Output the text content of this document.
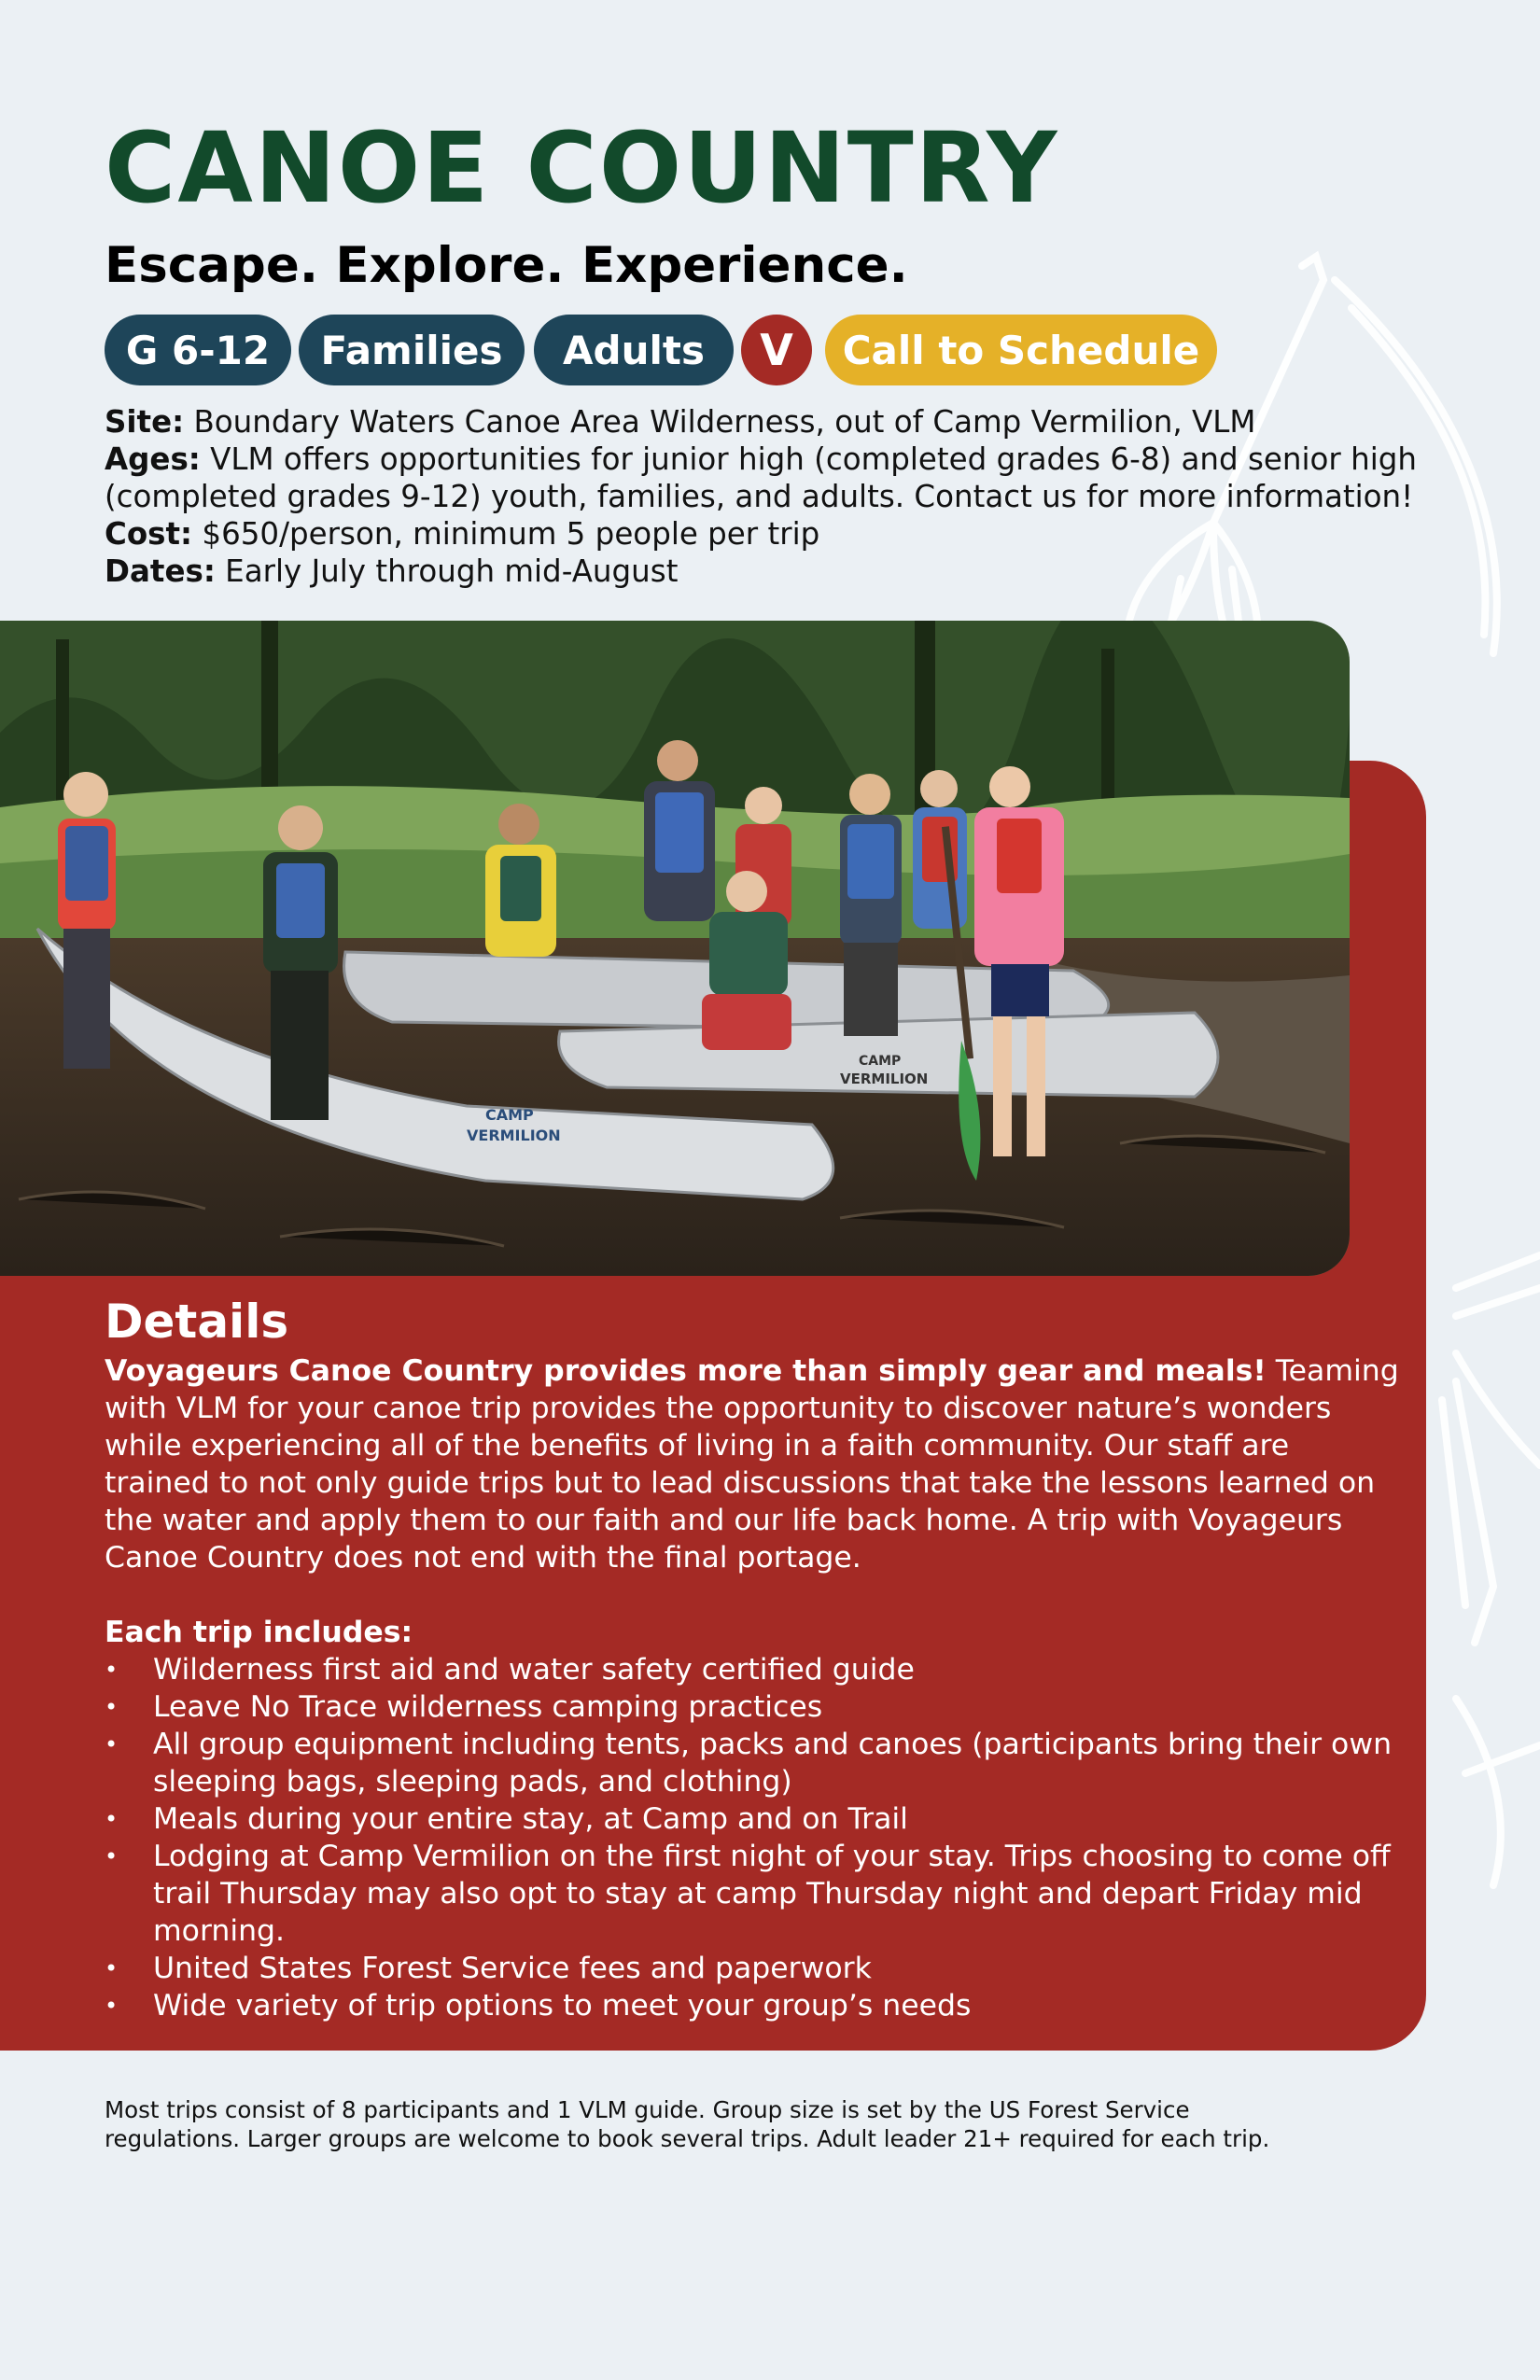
CANOE COUNTRY
Escape. Explore. Experience.
G 6-12	Families	Adults	V	Call to Schedule

Site: Boundary Waters Canoe Area Wilderness, out of Camp Vermilion, VLM

Ages: VLM offers opportunities for junior high (completed grades 6-8) and senior high (completed grades 9-12) youth, families, and adults. Contact us for more information!

Cost: $650/person, minimum 5 people per trip

Dates: Early July through mid-August

CAMP
VERMILION
CAMP
VERMILION
Details

Voyageurs Canoe Country provides more than simply gear and meals! Teaming with VLM for your canoe trip provides the opportunity to discover nature’s wonders while experiencing all of the benefits of living in a faith community. Our staff are trained to not only guide trips but to lead discussions that take the lessons learned on the water and apply them to our faith and our life back home. A trip with Voyageurs Canoe Country does not end with the final portage.

Each trip includes:

• Wilderness first aid and water safety certified guide
• Leave No Trace wilderness camping practices
• All group equipment including tents, packs and canoes (participants bring their own sleeping bags, sleeping pads, and clothing)
• Meals during your entire stay, at Camp and on Trail
• Lodging at Camp Vermilion on the first night of your stay. Trips choosing to come off trail Thursday may also opt to stay at camp Thursday night and depart Friday mid morning.
• United States Forest Service fees and paperwork
• Wide variety of trip options to meet your group’s needs

Most trips consist of 8 participants and 1 VLM guide. Group size is set by the US Forest Service regulations. Larger groups are welcome to book several trips. Adult leader 21+ required for each trip.
